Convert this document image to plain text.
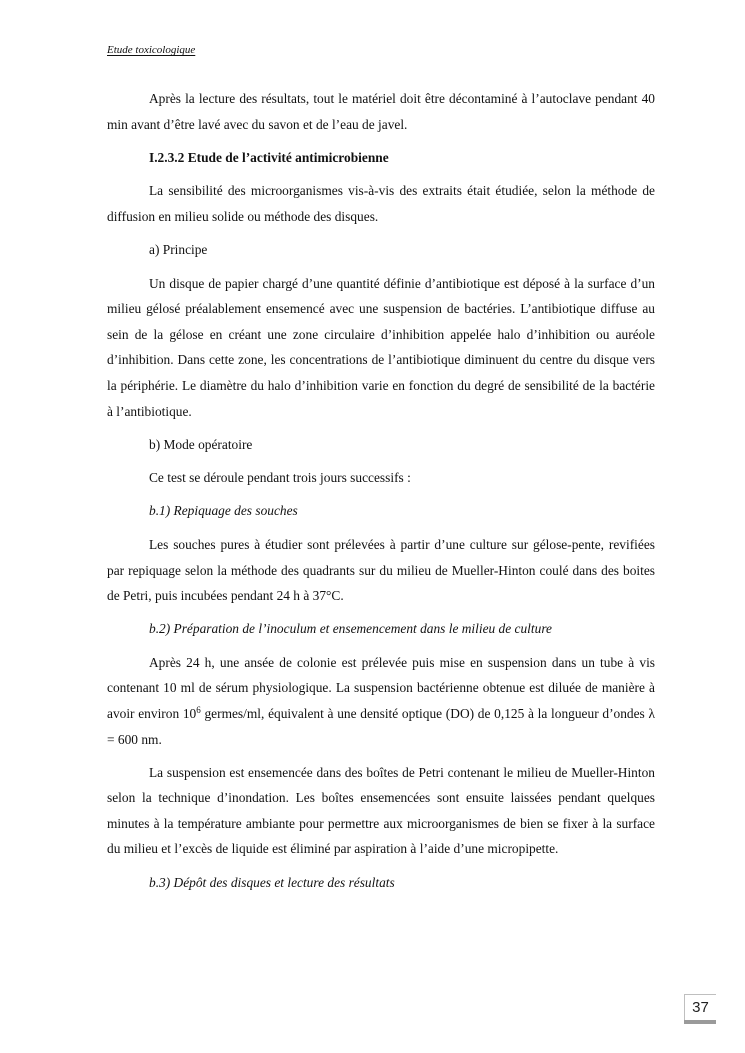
Etude toxicologique

Après la lecture des résultats, tout le matériel doit être décontaminé à l’autoclave pendant 40 min avant d’être lavé avec du savon et de l’eau de javel.

I.2.3.2 Etude de l’activité antimicrobienne

La sensibilité des microorganismes vis-à-vis des extraits était étudiée, selon la méthode de diffusion en milieu solide ou méthode des disques.

a) Principe

Un disque de papier chargé d’une quantité définie d’antibiotique est déposé à la surface d’un milieu gélosé préalablement ensemencé avec une suspension de bactéries. L’antibiotique diffuse au sein de la gélose en créant une zone circulaire d’inhibition appelée halo d’inhibition ou auréole d’inhibition. Dans cette zone, les concentrations de l’antibiotique diminuent du centre du disque vers la périphérie. Le diamètre du halo d’inhibition varie en fonction du degré de sensibilité de la bactérie à l’antibiotique.

b) Mode opératoire

Ce test se déroule pendant trois jours successifs :

b.1) Repiquage des souches

Les souches pures à étudier sont prélevées à partir d’une culture sur gélose-pente, revifiées par repiquage selon la méthode des quadrants sur du milieu de Mueller-Hinton coulé dans des boites de Petri, puis incubées pendant 24 h à 37°C.

b.2) Préparation de l’inoculum et ensemencement dans le milieu de culture

Après 24 h, une ansée de colonie est prélevée puis mise en suspension dans un tube à vis contenant 10 ml de sérum physiologique. La suspension bactérienne obtenue est diluée de manière à avoir environ $10^6$ germes/ml, équivalent à une densité optique (DO) de 0,125 à la longueur d’ondes λ = 600 nm.

La suspension est ensemencée dans des boîtes de Petri contenant le milieu de Mueller-Hinton selon la technique d’inondation. Les boîtes ensemencées sont ensuite laissées pendant quelques minutes à la température ambiante pour permettre aux microorganismes de bien se fixer à la surface du milieu et l’excès de liquide est éliminé par aspiration à l’aide d’une micropipette.

b.3) Dépôt des disques et lecture des résultats

37
